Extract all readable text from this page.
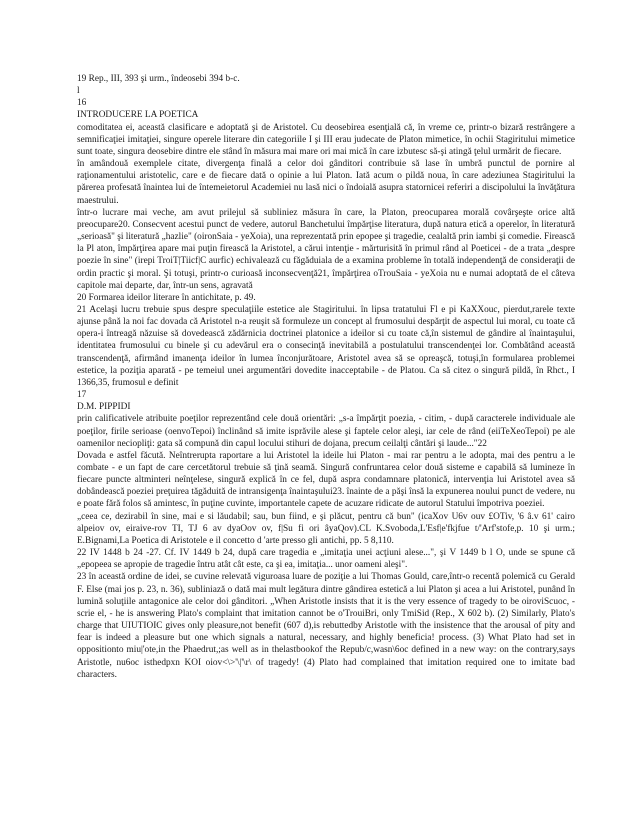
19 Rep., III, 393 şi urm., îndeosebi 394 b-c.

l

16

INTRODUCERE LA POETICA

comoditatea ei, această clasificare e adoptată şi de Aristotel. Cu deosebirea esenţială că, în vreme ce, printr-o bizară restrângere a semnificaţiei imitaţiei, singure operele literare din categoriile I şi III erau judecate de Platon mimetice, în ochii Stagiritului mimetice sunt toate, singura deosebire dintre ele stând în măsura mai mare ori mai mică în care izbutesc să-şi atingă ţelul urmărit de fiecare.

în amândouă exemplele citate, divergenţa finală a celor doi gânditori contribuie să lase în umbră punctul de pornire al raţionamentului aristotelic, care e de fiecare dată o opinie a lui Platon. Iată acum o pildă noua, în care adeziunea Stagiritului la părerea profesată înaintea lui de întemeietorul Academiei nu lasă nici o îndoială asupra statornicei referiri a discipolului la învăţătura maestrului.

într-o lucrare mai veche, am avut prilejul să subliniez măsura în care, la Platon, preocuparea morală covârşeşte orice altă preocupare20. Consecvent acestui punct de vedere, autorul Banchetului împărţise literatura, după natura etică a operelor, în literatură „serioasă" şi literatură „hazlie" (oironSaia - yeXoia), una reprezentată prin epopee şi tragedie, cealaltă prin iambi şi comedie. Firească la Pl aton, împărţirea apare mai puţin firească la Aristotel, a cărui intenţie - mărturisită în primul rând al Poeticei - de a trata „despre poezie în sine" (irepi TroiT|Tiicf|C aurfic) echivalează cu făgăduiala de a examina probleme în totală independenţă de consideraţii de ordin practic şi moral. Şi totuşi, printr-o curioasă inconsecvenţă21, împărţirea oTrouSaia - yeXoia nu e numai adoptată de el câteva capitole mai departe, dar, într-un sens, agravată

20 Formarea ideilor literare în antichitate, p. 49.

21 Acelaşi lucru trebuie spus despre speculaţiile estetice ale Stagiritului. în lipsa tratatului Fl e pi KaXXouc, pierdut,rarele texte ajunse până la noi fac dovada că Aristotel n-a reuşit să formuleze un concept al frumosului despărţit de aspectul lui moral, cu toate că opera-i întreagă năzuise să dovedească zădărnicia doctrinei platonice a ideilor si cu toate că,în sistemul de gândire al înaintaşului, identitatea frumosului cu binele şi cu adevărul era o consecinţă inevitabilă a postulatului transcendenţei lor. Combătând această transcendenţă, afirmând imanenţa ideilor în lumea înconjurătoare, Aristotel avea să se opreaşcă, totuşi,în formularea problemei estetice, la poziţia aparată - pe temeiul unei argumentări dovedite inacceptabile - de Platou. Ca să citez o singură pildă, în Rhct., I 1366,35, frumosul e definit

17

D.M. PIPPIDI

prin calificativele atribuite poeţilor reprezentând cele două orientări: „s-a împărţit poezia, - citim, - după caracterele individuale ale poeţilor, firile serioase (oenvoTepoi) înclinând să imite isprăvile alese şi faptele celor aleşi, iar cele de rând (eiiTeXeoTepoi) pe ale oamenilor neciopliţi: gata să compună din capul locului stihuri de dojana, precum ceilalţi cântări şi laude..."22

Dovada e astfel făcută. Neîntrerupta raportare a lui Aristotel la ideile lui Platon - mai rar pentru a le adopta, mai des pentru a le combate - e un fapt de care cercetătorul trebuie să ţină seamă. Singură confruntarea celor două sisteme e capabilă să lumineze în fiecare puncte altminteri neînţelese, singură explică în ce fel, după aspra condamnare platonică, intervenţia lui Aristotel avea să dobândească poeziei preţuirea tăgăduită de intransigenţa înaintaşului23. înainte de a păşi însă la expunerea noului punct de vedere, nu e poate fără folos să amintesc, în puţine cuvinte, importantele capete de acuzare ridicate de autorul Statului împotriva poeziei.

„ceea ce, dezirabil în sine, mai e si lăudabil; sau, bun fiind, e şi plăcut, pentru că bun" (icaXov U6v ouv £OTiv, '6 â.v 61' cairo alpeiov ov, eiraive-rov TI, TJ 6 av dyaOov ov, f|Su fi ori âyaQov).CL K.Svoboda,L'Esf|e'fkjfue t/'Arf'stofe,p. 10 şi urm.; E.Bignami,La Poetica di Aristotele e il concetto d 'arte presso gli antichi, pp. 5 8,110.

22 IV 1448 b 24 -27. Cf. IV 1449 b 24, după care tragedia e „imitaţia unei acţiuni alese...", şi V 1449 b l O, unde se spune că „epopeea se apropie de tragedie întru atât cât este, ca şi ea, imitaţia... unor oameni aleşi".

23 în această ordine de idei, se cuvine relevată viguroasa luare de poziţie a lui Thomas Gould, care,într-o recentă polemică cu Gerald F. Else (mai jos p. 23, n. 36), subliniază o dată mai mult legătura dintre gândirea estetică a lui Platon şi acea a lui Aristotel, punând în lumină soluţiile antagonice ale celor doi gânditori. „When Aristotle insists that it is the very essence of tragedy to be oiroviScuoc, - scrie el, - he is answering Plato's complaint that imitation cannot be o'TrouiBri, only TmiSid (Rep., X 602 b). (2) Similarly, Plato's charge that UIUTIOIC gives only pleasure,not benefit (607 d),is rebuttedby Aristotle with the insistence that the arousal of pity and fear is indeed a pleasure but one which signals a natural, necessary, and highly beneficia! process. (3) What Plato had set in oppositionto miu|'ote,in the Phaedrut,;as well as in thelastbookof the Repub/c,wasn\6oc defined in a new way: on the contrary,says Aristotle, nu6oc isthedpxn KOI oiov<\>'\|'\r\ of tragedy! (4) Plato had complained that imitation required one to imitate bad characters.
